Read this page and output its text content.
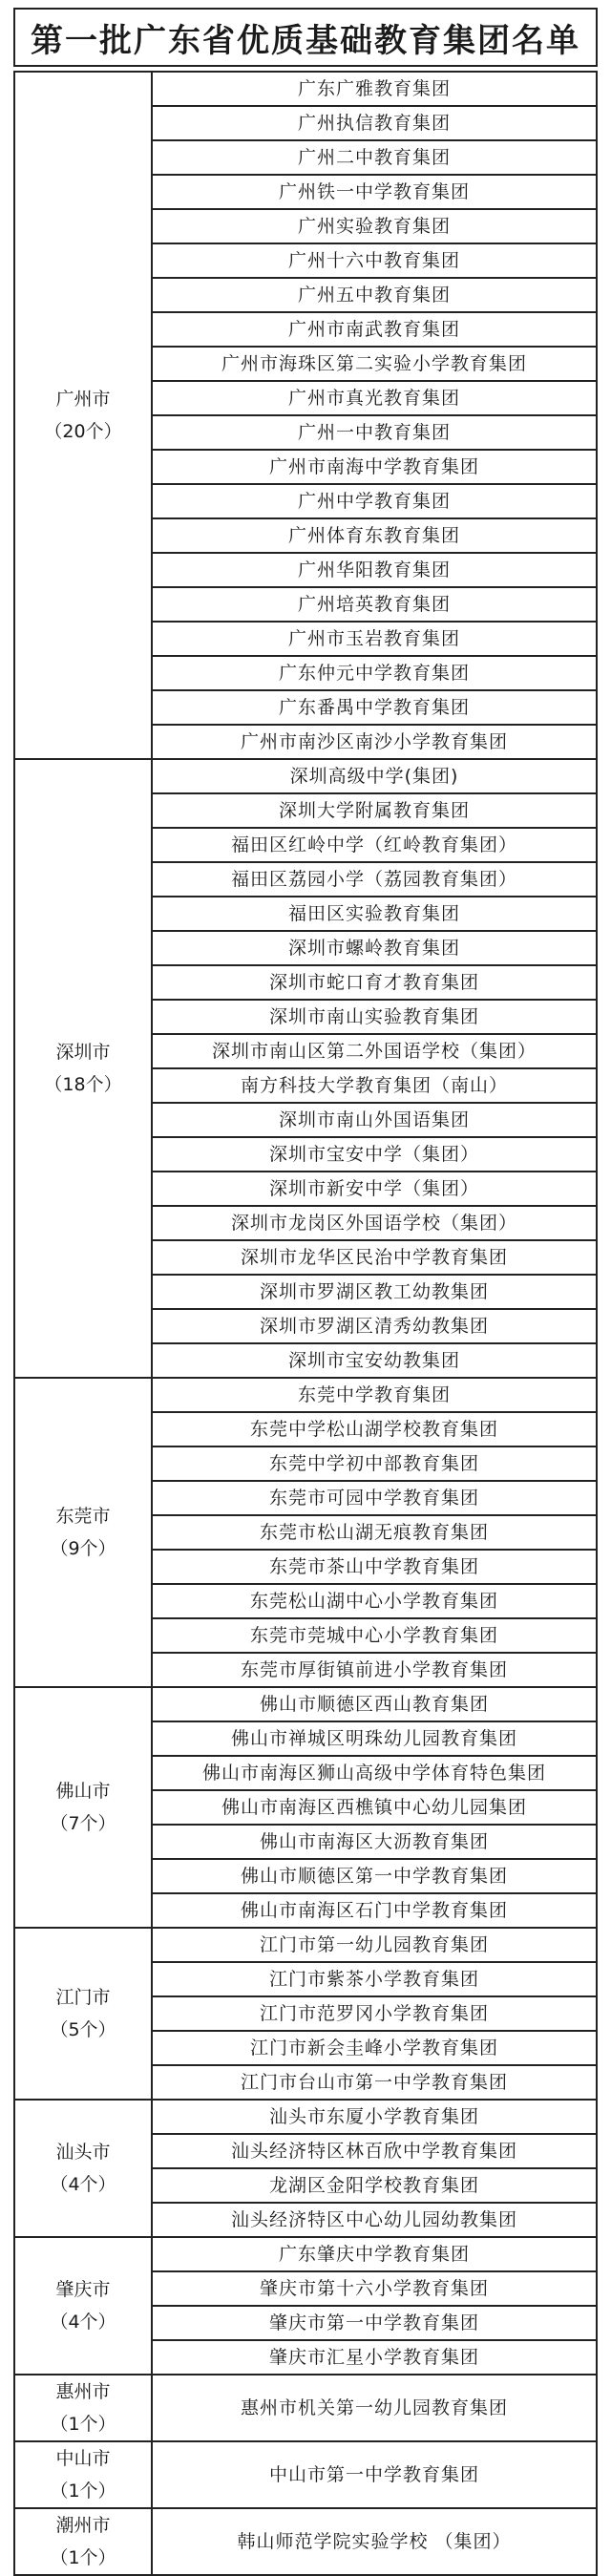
第一批广东省优质基础教育集团名单
广州市
（20个）	广东广雅教育集团
	广州执信教育集团
	广州二中教育集团
	广州铁一中学教育集团
	广州实验教育集团
	广州十六中教育集团
	广州五中教育集团
	广州市南武教育集团
	广州市海珠区第二实验小学教育集团
	广州市真光教育集团
	广州一中教育集团
	广州市南海中学教育集团
	广州中学教育集团
	广州体育东教育集团
	广州华阳教育集团
	广州培英教育集团
	广州市玉岩教育集团
	广东仲元中学教育集团
	广东番禺中学教育集团
	广州市南沙区南沙小学教育集团

深圳市
（18个）	深圳高级中学(集团)
	深圳大学附属教育集团
	福田区红岭中学（红岭教育集团）
	福田区荔园小学（荔园教育集团）
	福田区实验教育集团
	深圳市螺岭教育集团
	深圳市蛇口育才教育集团
	深圳市南山实验教育集团
	深圳市南山区第二外国语学校（集团）
	南方科技大学教育集团（南山）
	深圳市南山外国语集团
	深圳市宝安中学（集团）
	深圳市新安中学（集团）
	深圳市龙岗区外国语学校（集团）
	深圳市龙华区民治中学教育集团
	深圳市罗湖区教工幼教集团
	深圳市罗湖区清秀幼教集团
	深圳市宝安幼教集团

东莞市
（9个）	东莞中学教育集团
	东莞中学松山湖学校教育集团
	东莞中学初中部教育集团
	东莞市可园中学教育集团
	东莞市松山湖无痕教育集团
	东莞市茶山中学教育集团
	东莞松山湖中心小学教育集团
	东莞市莞城中心小学教育集团
	东莞市厚街镇前进小学教育集团

佛山市
（7个）	佛山市顺德区西山教育集团
	佛山市禅城区明珠幼儿园教育集团
	佛山市南海区狮山高级中学体育特色集团
	佛山市南海区西樵镇中心幼儿园集团
	佛山市南海区大沥教育集团
	佛山市顺德区第一中学教育集团
	佛山市南海区石门中学教育集团

江门市
（5个）	江门市第一幼儿园教育集团
	江门市紫茶小学教育集团
	江门市范罗冈小学教育集团
	江门市新会圭峰小学教育集团
	江门市台山市第一中学教育集团

汕头市
（4个）	汕头市东厦小学教育集团
	汕头经济特区林百欣中学教育集团
	龙湖区金阳学校教育集团
	汕头经济特区中心幼儿园幼教集团

肇庆市
（4个）	广东肇庆中学教育集团
	肇庆市第十六小学教育集团
	肇庆市第一中学教育集团
	肇庆市汇星小学教育集团

惠州市
（1个）	惠州市机关第一幼儿园教育集团

中山市
（1个）	中山市第一中学教育集团

潮州市
（1个）	韩山师范学院实验学校 （集团）
